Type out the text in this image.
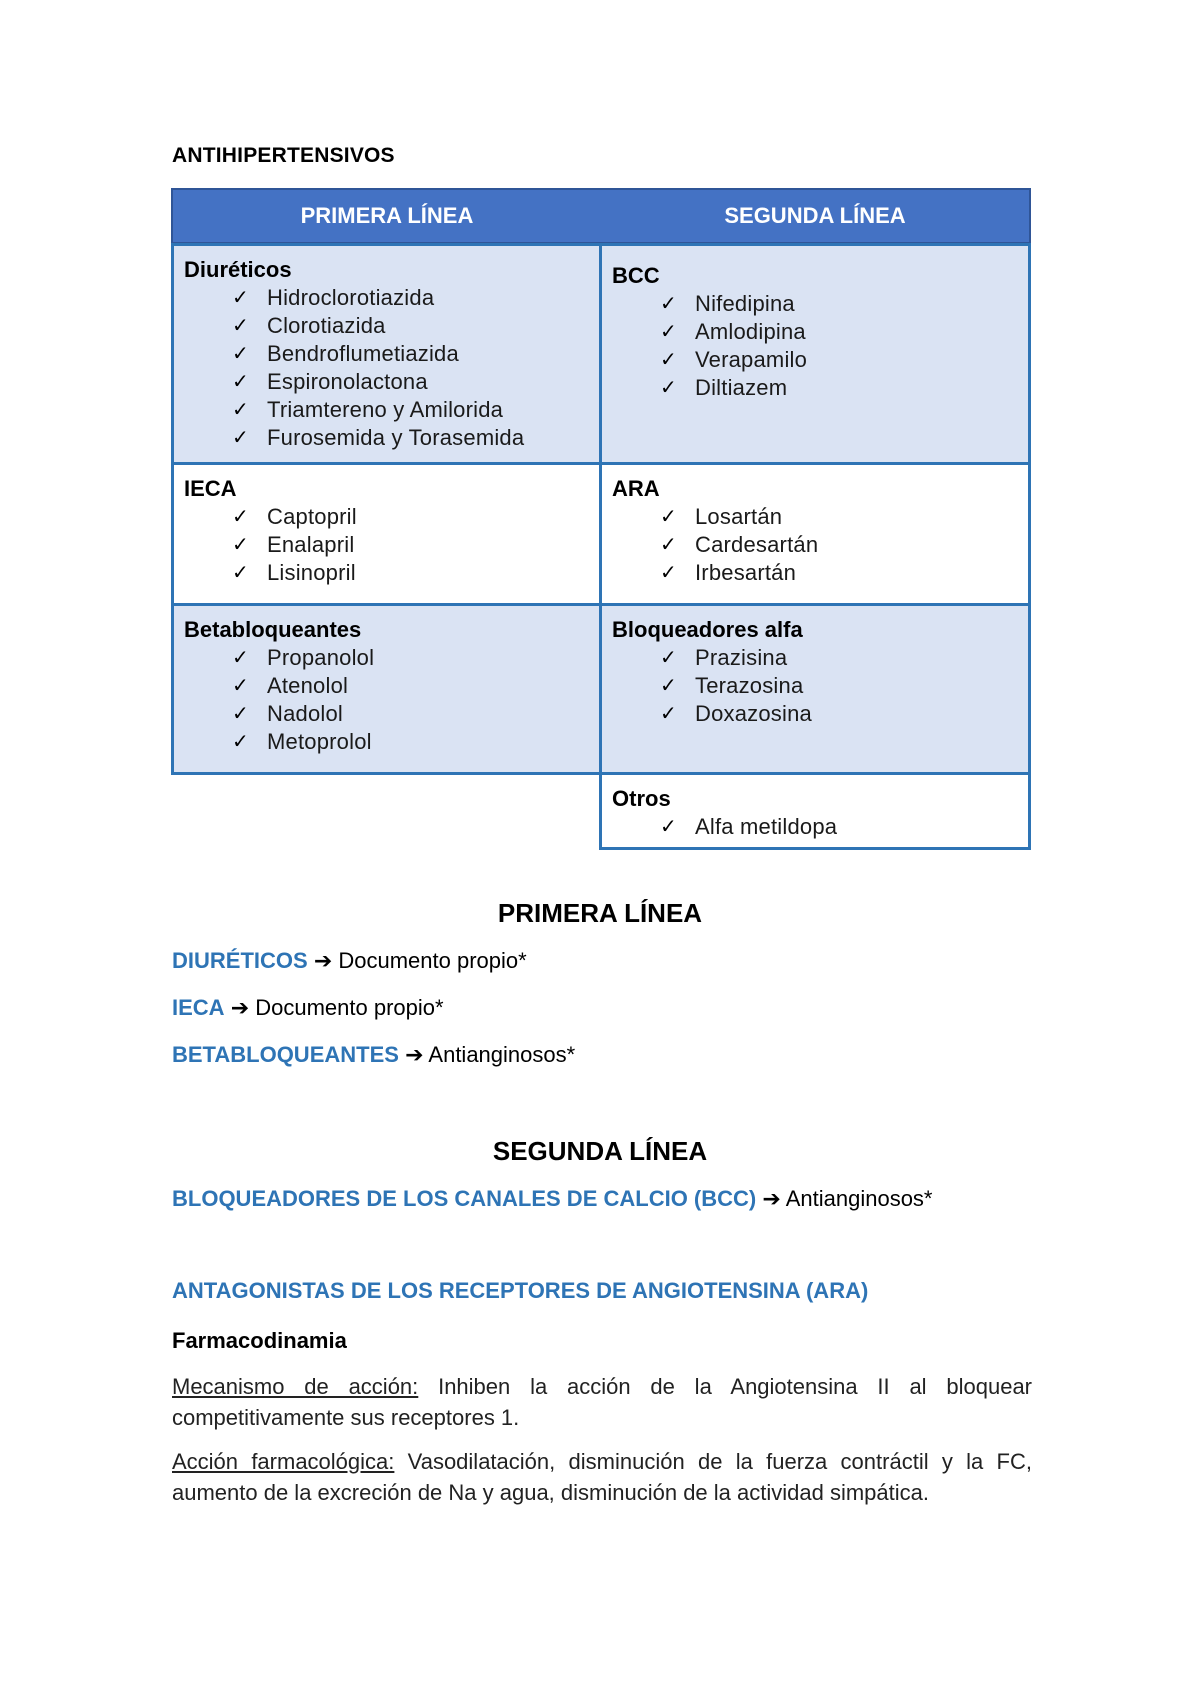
ANTIHIPERTENSIVOS
PRIMERA LÍNEA	SEGUNDA LÍNEA
Diuréticos
✓ Hidroclorotiazida
✓ Clorotiazida
✓ Bendroflumetiazida
✓ Espironolactona
✓ Triamtereno y Amilorida
✓ Furosemida y Torasemida
IECA
✓ Captopril
✓ Enalapril
✓ Lisinopril
Betabloqueantes
✓ Propanolol
✓ Atenolol
✓ Nadolol
✓ Metoprolol
BCC
✓ Nifedipina
✓ Amlodipina
✓ Verapamilo
✓ Diltiazem
ARA
✓ Losartán
✓ Cardesartán
✓ Irbesartán
Bloqueadores alfa
✓ Prazisina
✓ Terazosina
✓ Doxazosina
Otros
✓ Alfa metildopa
PRIMERA LÍNEA
DIURÉTICOS ➔ Documento propio*
IECA ➔ Documento propio*
BETABLOQUEANTES ➔ Antianginosos*
SEGUNDA LÍNEA
BLOQUEADORES DE LOS CANALES DE CALCIO (BCC) ➔ Antianginosos*
ANTAGONISTAS DE LOS RECEPTORES DE ANGIOTENSINA (ARA)
Farmacodinamia
Mecanismo de acción: Inhiben la acción de la Angiotensina II al bloquear competitivamente sus receptores 1.
Acción farmacológica: Vasodilatación, disminución de la fuerza contráctil y la FC, aumento de la excreción de Na y agua, disminución de la actividad simpática.
